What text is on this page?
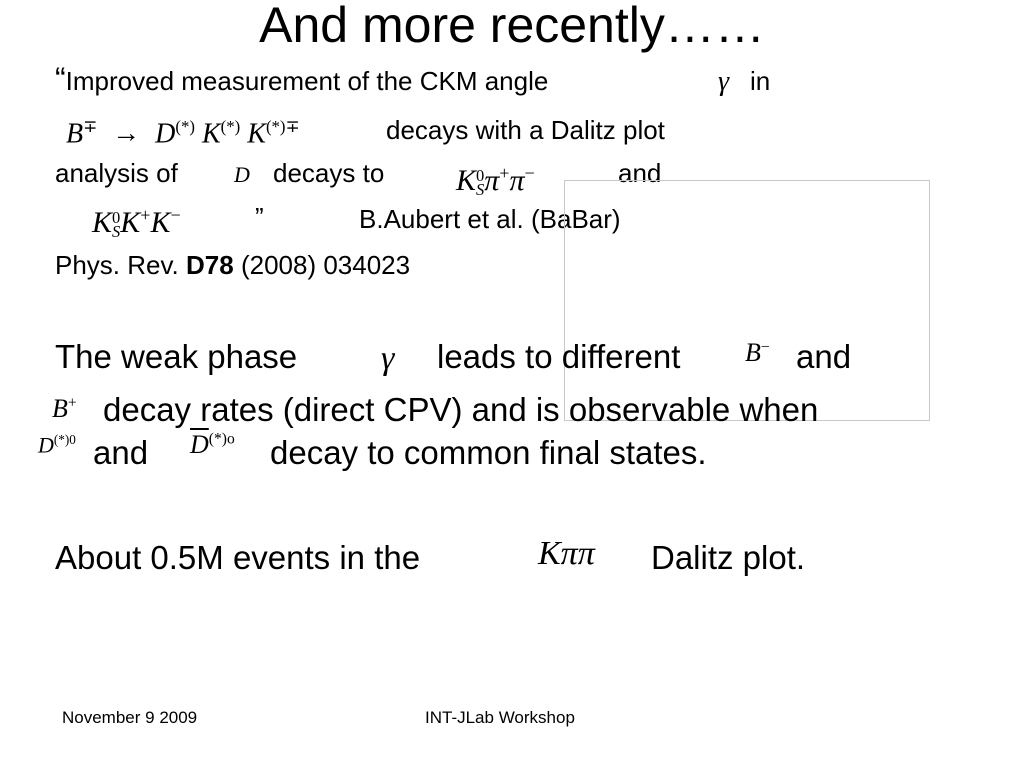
And more recently……
“Improved measurement of the CKM angle	γ in
B∓ → D(*) K(*) K(*)∓	decays with a Dalitz plot
analysis of	D decays to K 0
S π+π−	and
K 0
S K+K−	”	B.Aubert et al. (BaBar)
Phys. Rev. D78 (2008) 034023
The weak phase γ leads to different B− and
B+ decay rates (direct CPV) and is observable when
$D^{(*)0}$ and $\overline{D}^{(*)o}$ decay to common final states.
About 0.5M events in the	Kππ Dalitz plot.
November 9 2009	INT-JLab Workshop
